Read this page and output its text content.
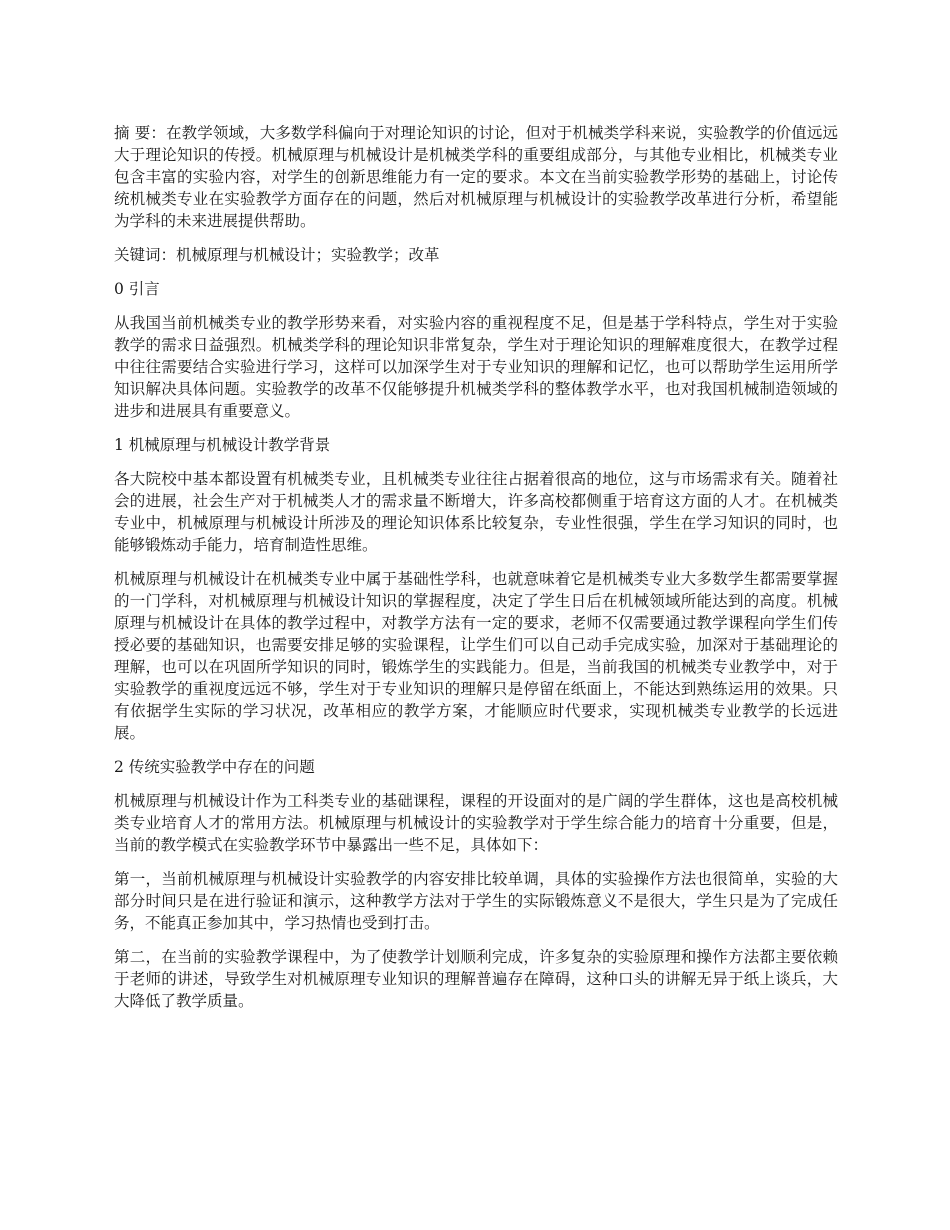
摘 要：在教学领域，大多数学科偏向于对理论知识的讨论，但对于机械类学科来说，实验教学的价值远远大于理论知识的传授。机械原理与机械设计是机械类学科的重要组成部分，与其他专业相比，机械类专业包含丰富的实验内容，对学生的创新思维能力有一定的要求。本文在当前实验教学形势的基础上，讨论传统机械类专业在实验教学方面存在的问题，然后对机械原理与机械设计的实验教学改革进行分析，希望能为学科的未来进展提供帮助。

关键词：机械原理与机械设计；实验教学；改革

0 引言

从我国当前机械类专业的教学形势来看，对实验内容的重视程度不足，但是基于学科特点，学生对于实验教学的需求日益强烈。机械类学科的理论知识非常复杂，学生对于理论知识的理解难度很大，在教学过程中往往需要结合实验进行学习，这样可以加深学生对于专业知识的理解和记忆，也可以帮助学生运用所学知识解决具体问题。实验教学的改革不仅能够提升机械类学科的整体教学水平，也对我国机械制造领域的进步和进展具有重要意义。

1 机械原理与机械设计教学背景

各大院校中基本都设置有机械类专业，且机械类专业往往占据着很高的地位，这与市场需求有关。随着社会的进展，社会生产对于机械类人才的需求量不断增大，许多高校都侧重于培育这方面的人才。在机械类专业中，机械原理与机械设计所涉及的理论知识体系比较复杂，专业性很强，学生在学习知识的同时，也能够锻炼动手能力，培育制造性思维。

机械原理与机械设计在机械类专业中属于基础性学科，也就意味着它是机械类专业大多数学生都需要掌握的一门学科，对机械原理与机械设计知识的掌握程度，决定了学生日后在机械领域所能达到的高度。机械原理与机械设计在具体的教学过程中，对教学方法有一定的要求，老师不仅需要通过教学课程向学生们传授必要的基础知识，也需要安排足够的实验课程，让学生们可以自己动手完成实验，加深对于基础理论的理解，也可以在巩固所学知识的同时，锻炼学生的实践能力。但是，当前我国的机械类专业教学中，对于实验教学的重视度远远不够，学生对于专业知识的理解只是停留在纸面上，不能达到熟练运用的效果。只有依据学生实际的学习状况，改革相应的教学方案，才能顺应时代要求，实现机械类专业教学的长远进展。

2 传统实验教学中存在的问题

机械原理与机械设计作为工科类专业的基础课程，课程的开设面对的是广阔的学生群体，这也是高校机械类专业培育人才的常用方法。机械原理与机械设计的实验教学对于学生综合能力的培育十分重要，但是，当前的教学模式在实验教学环节中暴露出一些不足，具体如下：

第一，当前机械原理与机械设计实验教学的内容安排比较单调，具体的实验操作方法也很简单，实验的大部分时间只是在进行验证和演示，这种教学方法对于学生的实际锻炼意义不是很大，学生只是为了完成任务，不能真正参加其中，学习热情也受到打击。

第二，在当前的实验教学课程中，为了使教学计划顺利完成，许多复杂的实验原理和操作方法都主要依赖于老师的讲述，导致学生对机械原理专业知识的理解普遍存在障碍，这种口头的讲解无异于纸上谈兵，大大降低了教学质量。
